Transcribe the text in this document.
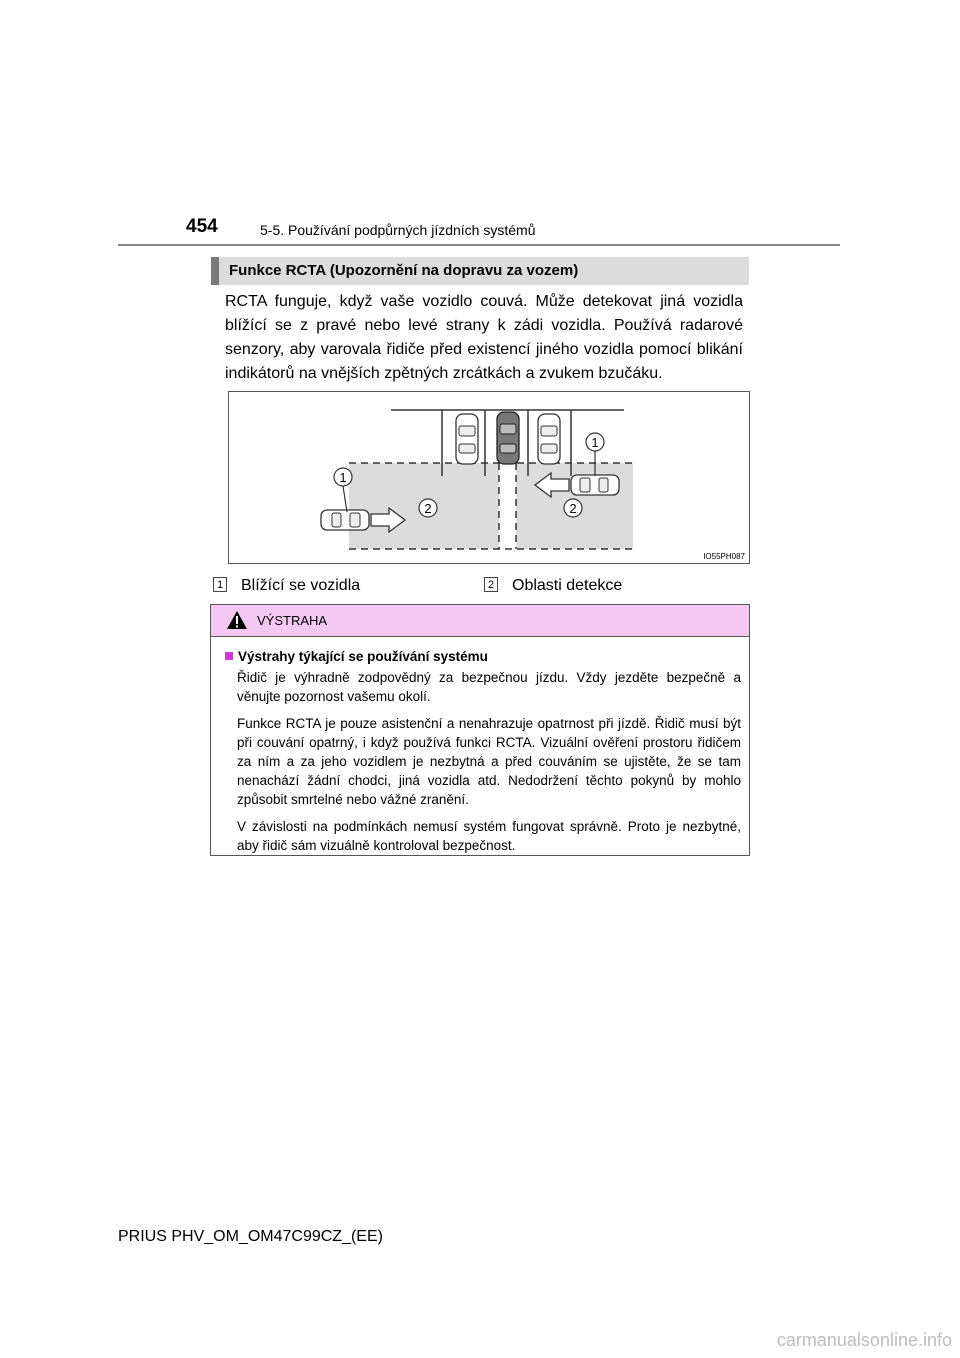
454	5-5. Používání podpůrných jízdních systémů
Funkce RCTA (Upozornění na dopravu za vozem)

RCTA funguje, když vaše vozidlo couvá. Může detekovat jiná vozidla blížící se z pravé nebo levé strany k zádi vozidla. Používá radarové senzory, aby varovala řidiče před existencí jiného vozidla pomocí blikání indikátorů na vnějších zpětných zrcátkách a zvukem bzučáku.

1
1
2	2
IO55PH087
1 Blížící se vozidla	2 Oblasti detekce
VÝSTRAHA

Výstrahy týkající se používání systému

Řidič je výhradně zodpovědný za bezpečnou jízdu. Vždy jezděte bezpečně a věnujte pozornost vašemu okolí.

Funkce RCTA je pouze asistenční a nenahrazuje opatrnost při jízdě. Řidič musí být při couvání opatrný, i když používá funkci RCTA. Vizuální ověření prostoru řidičem za ním a za jeho vozidlem je nezbytná a před couváním se ujistěte, že se tam nenachází žádní chodci, jiná vozidla atd. Nedodržení těchto pokynů by mohlo způsobit smrtelné nebo vážné zranění.

V závislosti na podmínkách nemusí systém fungovat správně. Proto je nezbytné, aby řidič sám vizuálně kontroloval bezpečnost.

PRIUS PHV_OM_OM47C99CZ_(EE)
carmanualsonline.info
